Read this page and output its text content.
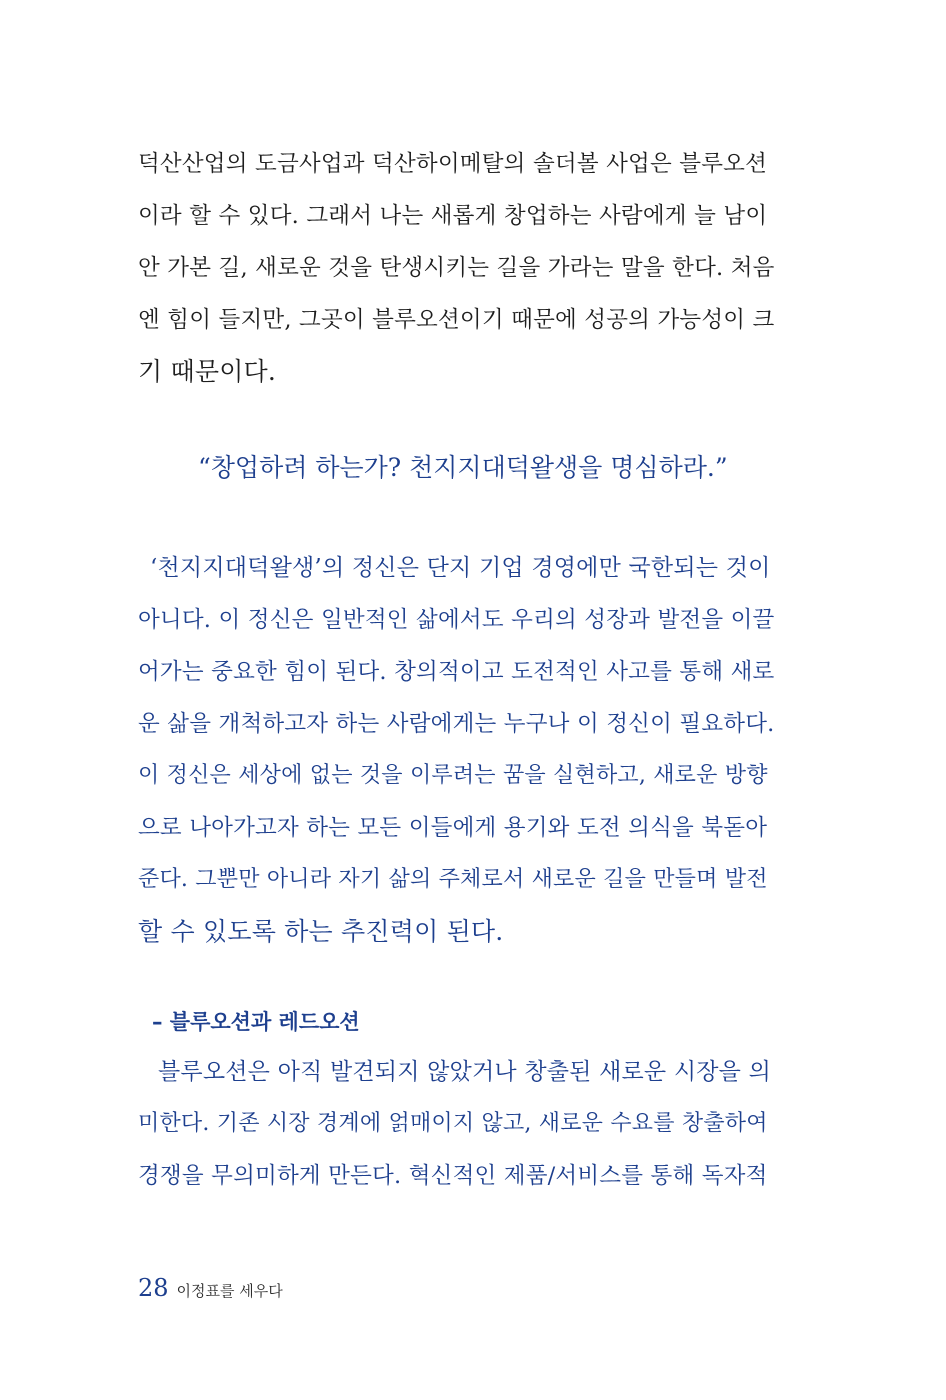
덕산산업의 도금사업과 덕산하이메탈의 솔더볼 사업은 블루오션
이라 할 수 있다. 그래서 나는 새롭게 창업하는 사람에게 늘 남이
안 가본 길, 새로운 것을 탄생시키는 길을 가라는 말을 한다. 처음
엔 힘이 들지만, 그곳이 블루오션이기 때문에 성공의 가능성이 크
기 때문이다.

“창업하려 하는가? 천지지대덕왈생을 명심하라.”

‘천지지대덕왈생’의 정신은 단지 기업 경영에만 국한되는 것이
아니다. 이 정신은 일반적인 삶에서도 우리의 성장과 발전을 이끌
어가는 중요한 힘이 된다. 창의적이고 도전적인 사고를 통해 새로
운 삶을 개척하고자 하는 사람에게는 누구나 이 정신이 필요하다.
이 정신은 세상에 없는 것을 이루려는 꿈을 실현하고, 새로운 방향
으로 나아가고자 하는 모든 이들에게 용기와 도전 의식을 북돋아
준다. 그뿐만 아니라 자기 삶의 주체로서 새로운 길을 만들며 발전
할 수 있도록 하는 추진력이 된다.

– 블루오션과 레드오션

블루오션은 아직 발견되지 않았거나 창출된 새로운 시장을 의
미한다. 기존 시장 경계에 얽매이지 않고, 새로운 수요를 창출하여
경쟁을 무의미하게 만든다. 혁신적인 제품/서비스를 통해 독자적

28 이정표를 세우다
